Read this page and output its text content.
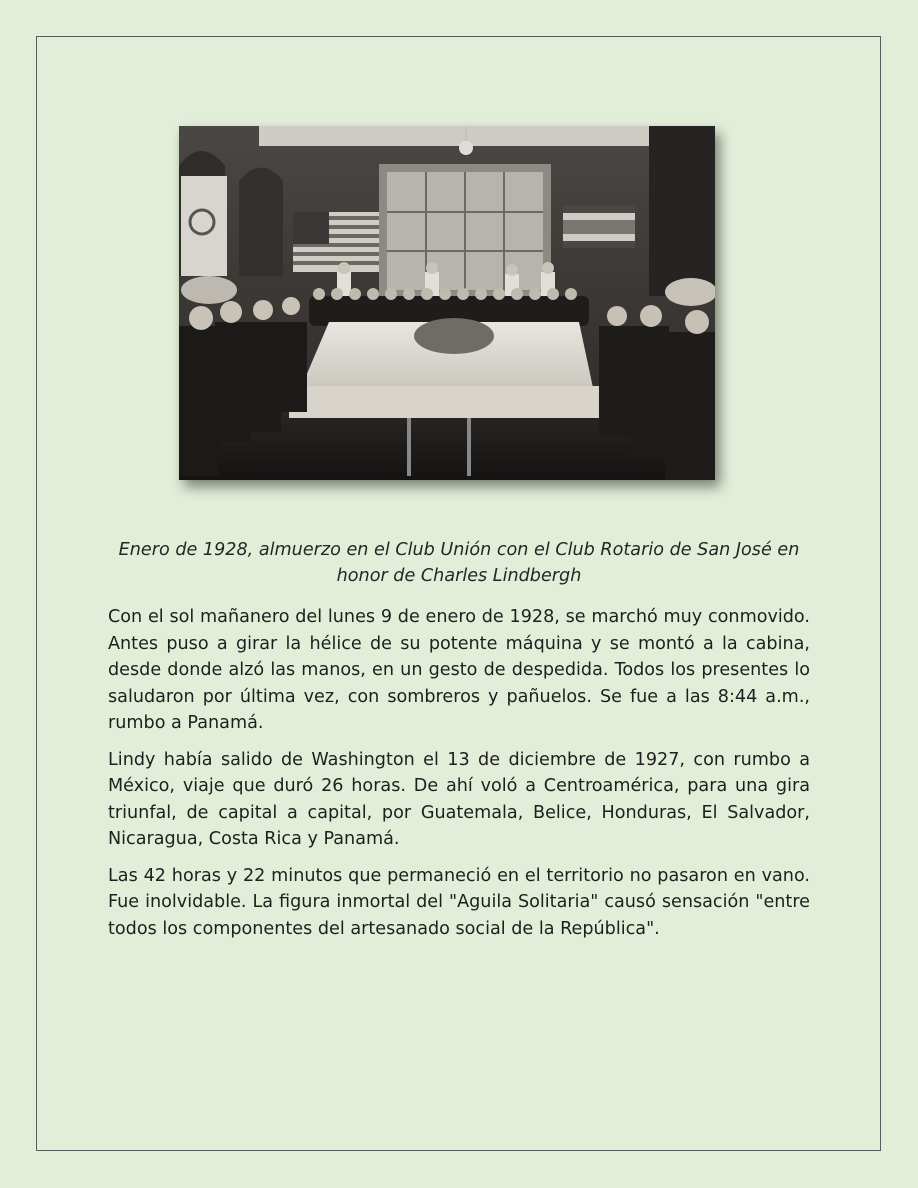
Enero de 1928, almuerzo en el Club Unión con el Club Rotario de San José en honor de Charles Lindbergh

Con el sol mañanero del lunes 9 de enero de 1928, se marchó muy conmovido. Antes puso a girar la hélice de su potente máquina y se montó a la cabina, desde donde alzó las manos, en un gesto de despedida. Todos los presentes lo saludaron por última vez, con sombreros y pañuelos. Se fue a las 8:44 a.m., rumbo a Panamá.

Lindy había salido de Washington el 13 de diciembre de 1927, con rumbo a México, viaje que duró 26 horas. De ahí voló a Centroamérica, para una gira triunfal, de capital a capital, por Guatemala, Belice, Honduras, El Salvador, Nicaragua, Costa Rica y Panamá.

Las 42 horas y 22 minutos que permaneció en el territorio no pasaron en vano. Fue inolvidable. La figura inmortal del "Aguila Solitaria" causó sensación "entre todos los componentes del artesanado social de la República".
